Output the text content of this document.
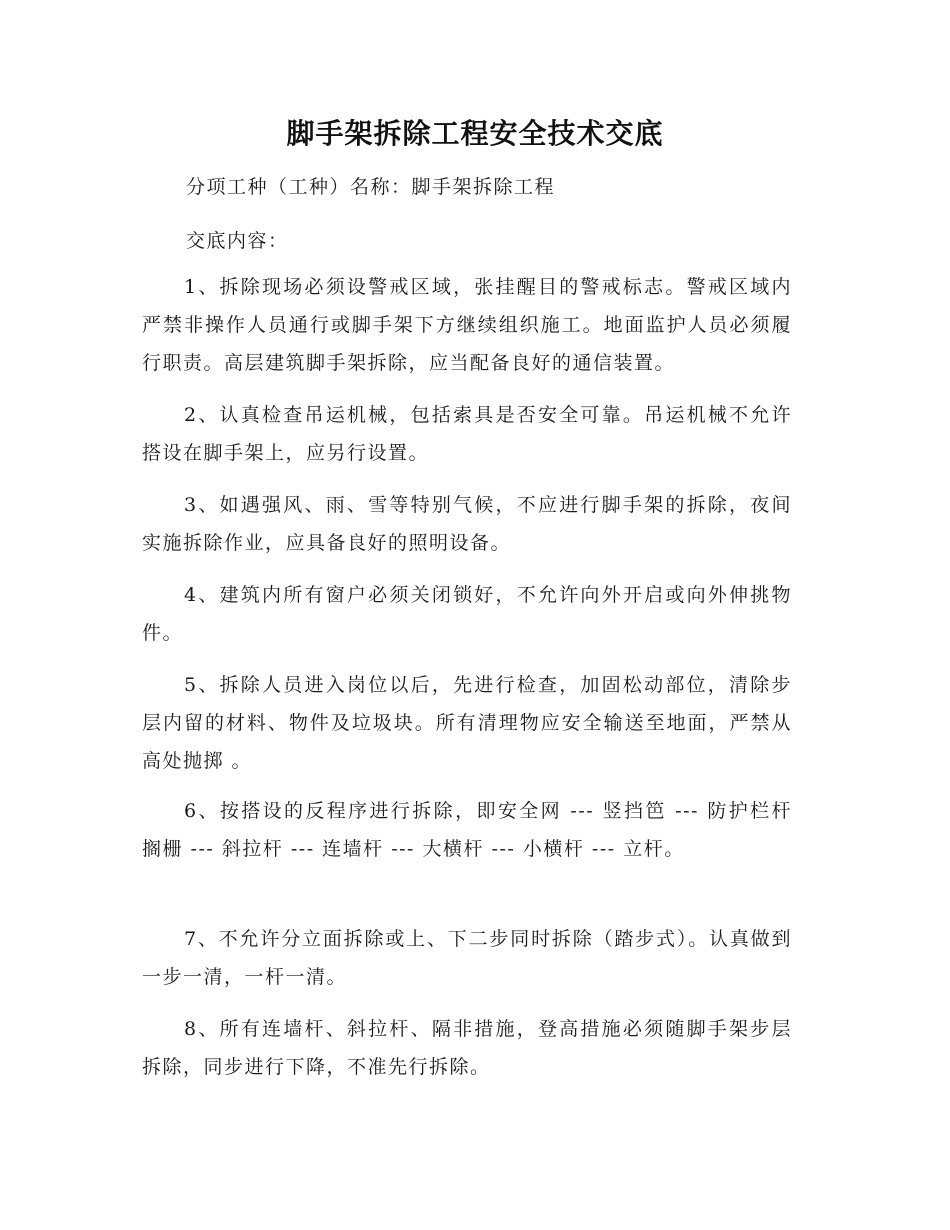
脚手架拆除工程安全技术交底

分项工种（工种）名称：脚手架拆除工程

交底内容：

1、拆除现场必须设警戒区域，张挂醒目的警戒标志。警戒区域内严禁非操作人员通行或脚手架下方继续组织施工。地面监护人员必须履行职责。高层建筑脚手架拆除，应当配备良好的通信装置。

2、认真检查吊运机械，包括索具是否安全可靠。吊运机械不允许搭设在脚手架上，应另行设置。

3、如遇强风、雨、雪等特别气候，不应进行脚手架的拆除，夜间实施拆除作业，应具备良好的照明设备。

4、建筑内所有窗户必须关闭锁好，不允许向外开启或向外伸挑物件。

5、拆除人员进入岗位以后，先进行检查，加固松动部位，清除步层内留的材料、物件及垃圾块。所有清理物应安全输送至地面，严禁从高处抛掷 。

6、按搭设的反程序进行拆除，即安全网 --- 竖挡笆 --- 防护栏杆 搁栅 --- 斜拉杆 --- 连墙杆 --- 大横杆 --- 小横杆 --- 立杆。

7、不允许分立面拆除或上、下二步同时拆除（踏步式）。认真做到一步一清，一杆一清。

8、所有连墙杆、斜拉杆、隔非措施，登高措施必须随脚手架步层拆除，同步进行下降，不准先行拆除。
